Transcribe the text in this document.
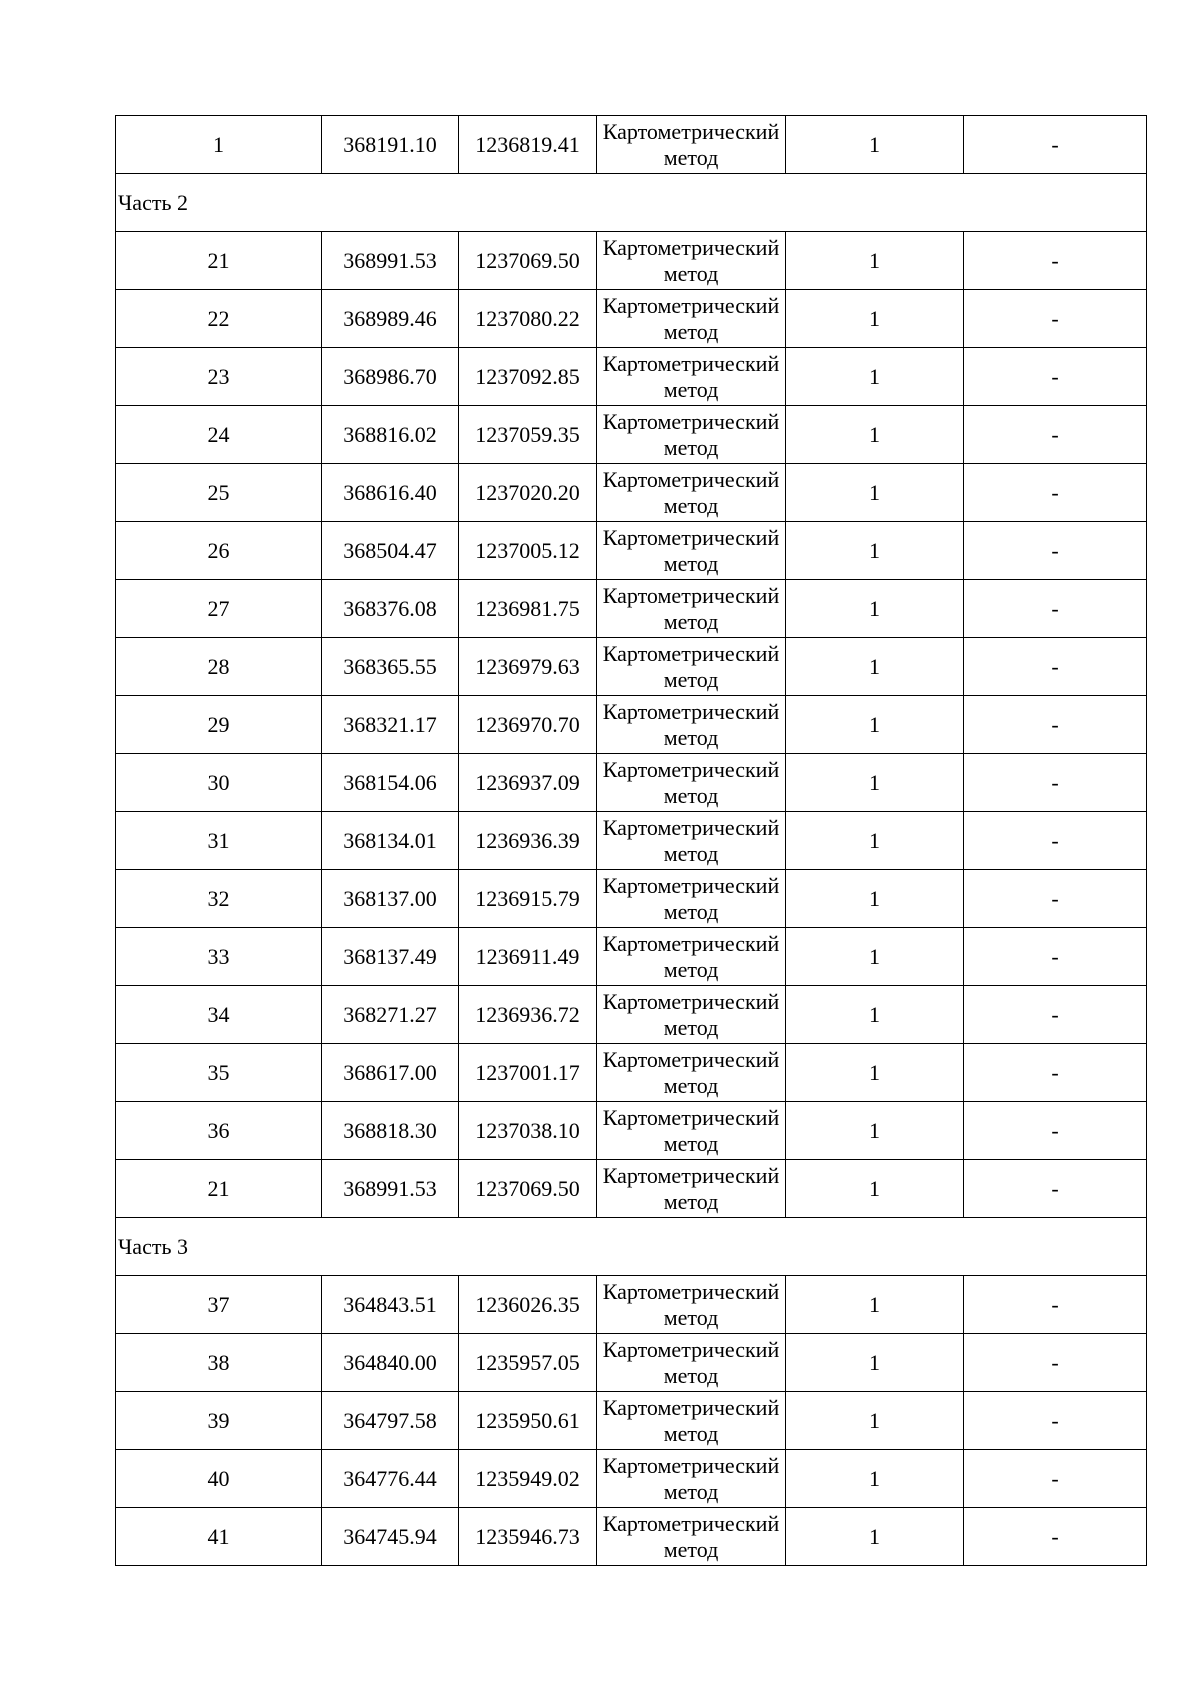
1	368191.10	1236819.41	Картометрический метод	1	-
Часть 2					
21	368991.53	1237069.50	Картометрический метод	1	-
22	368989.46	1237080.22	Картометрический метод	1	-
23	368986.70	1237092.85	Картометрический метод	1	-
24	368816.02	1237059.35	Картометрический метод	1	-
25	368616.40	1237020.20	Картометрический метод	1	-
26	368504.47	1237005.12	Картометрический метод	1	-
27	368376.08	1236981.75	Картометрический метод	1	-
28	368365.55	1236979.63	Картометрический метод	1	-
29	368321.17	1236970.70	Картометрический метод	1	-
30	368154.06	1236937.09	Картометрический метод	1	-
31	368134.01	1236936.39	Картометрический метод	1	-
32	368137.00	1236915.79	Картометрический метод	1	-
33	368137.49	1236911.49	Картометрический метод	1	-
34	368271.27	1236936.72	Картометрический метод	1	-
35	368617.00	1237001.17	Картометрический метод	1	-
36	368818.30	1237038.10	Картометрический метод	1	-
21	368991.53	1237069.50	Картометрический метод	1	-
Часть 3					
37	364843.51	1236026.35	Картометрический метод	1	-
38	364840.00	1235957.05	Картометрический метод	1	-
39	364797.58	1235950.61	Картометрический метод	1	-
40	364776.44	1235949.02	Картометрический метод	1	-
41	364745.94	1235946.73	Картометрический метод	1	-
